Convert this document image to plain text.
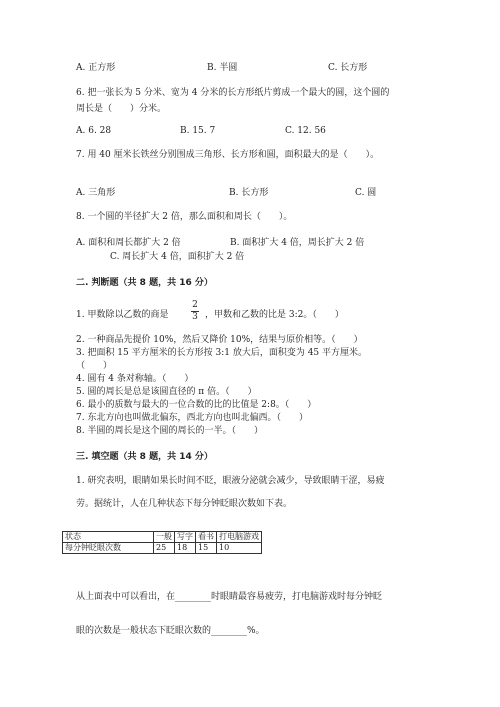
A. 正方形	B. 半圆	C. 长方形
6. 把一张长为 5 分米、宽为 4 分米的长方形纸片剪成一个最大的圆，这个圆的
周长是（　　）分米。
A. 6. 28	B. 15. 7	C. 12. 56
7. 用 40 厘米长铁丝分别围成三角形、长方形和圆，面积最大的是（　　）。
A. 三角形	B. 长方形	C. 圆
8. 一个圆的半径扩大 2 倍，那么面积和周长（　　）。
A. 面积和周长都扩大 2 倍	B. 面积扩大 4 倍，周长扩大 2 倍
C. 周长扩大 4 倍，面积扩大 2 倍
二. 判断题（共 8 题，共 16 分）
1. 甲数除以乙数的商是
2
3 ，甲数和乙数的比是 3:2。（　　）
2. 一种商品先提价 10%，然后又降价 10%，结果与原价相等。（　　）
3. 把面积 15 平方厘米的长方形按 3:1 放大后，面积变为 45 平方厘米。
（　　）
4. 圆有 4 条对称轴。（　　）
5. 圆的周长是总是该圆直径的 π 倍。（　　）
6. 最小的质数与最大的一位合数的比的比值是 2:8。（　　）
7. 东北方向也叫做北偏东，西北方向也叫北偏西。（　　）
8. 半圆的周长是这个圆的周长的一半。（　　）
三. 填空题（共 8 题，共 14 分）
1. 研究表明，眼睛如果长时间不眨，眼液分泌就会减少，导致眼睛干涩，易疲
劳。据统计，人在几种状态下每分钟眨眼次数如下表。
状态	一般	写字	看书	打电脑游戏
每分钟眨眼次数	25	18	15	10
从上面表中可以看出，在________时眼睛最容易疲劳，打电脑游戏时每分钟眨
眼的次数是一般状态下眨眼次数的________%。
